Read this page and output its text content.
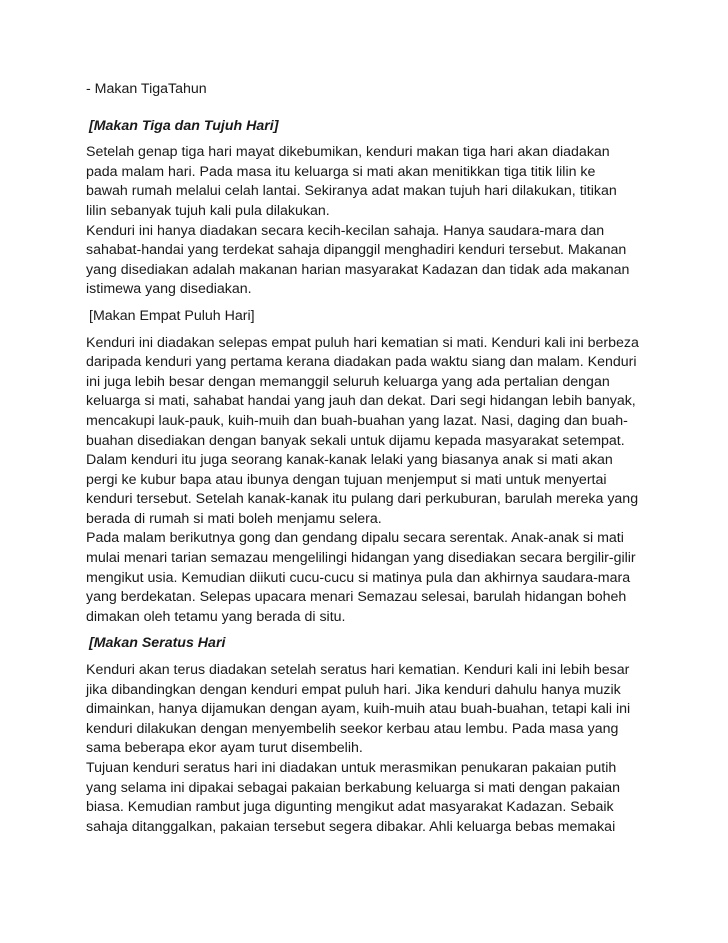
- Makan TigaTahun
[Makan Tiga dan Tujuh Hari]
Setelah genap tiga hari mayat dikebumikan, kenduri makan tiga hari akan diadakan
pada malam hari. Pada masa itu keluarga si mati akan menitikkan tiga titik lilin ke
bawah rumah melalui celah lantai. Sekiranya adat makan tujuh hari dilakukan, titikan
lilin sebanyak tujuh kali pula dilakukan.
Kenduri ini hanya diadakan secara kecih-kecilan sahaja. Hanya saudara-mara dan
sahabat-handai yang terdekat sahaja dipanggil menghadiri kenduri tersebut. Makanan
yang disediakan adalah makanan harian masyarakat Kadazan dan tidak ada makanan
istimewa yang disediakan.
[Makan Empat Puluh Hari]
Kenduri ini diadakan selepas empat puluh hari kematian si mati. Kenduri kali ini berbeza
daripada kenduri yang pertama kerana diadakan pada waktu siang dan malam. Kenduri
ini juga lebih besar dengan memanggil seluruh keluarga yang ada pertalian dengan
keluarga si mati, sahabat handai yang jauh dan dekat. Dari segi hidangan lebih banyak,
mencakupi lauk-pauk, kuih-muih dan buah-buahan yang lazat. Nasi, daging dan buah-
buahan disediakan dengan banyak sekali untuk dijamu kepada masyarakat setempat.
Dalam kenduri itu juga seorang kanak-kanak lelaki yang biasanya anak si mati akan
pergi ke kubur bapa atau ibunya dengan tujuan menjemput si mati untuk menyertai
kenduri tersebut. Setelah kanak-kanak itu pulang dari perkuburan, barulah mereka yang
berada di rumah si mati boleh menjamu selera.
Pada malam berikutnya gong dan gendang dipalu secara serentak. Anak-anak si mati
mulai menari tarian semazau mengelilingi hidangan yang disediakan secara bergilir-gilir
mengikut usia. Kemudian diikuti cucu-cucu si matinya pula dan akhirnya saudara-mara
yang berdekatan. Selepas upacara menari Semazau selesai, barulah hidangan boheh
dimakan oleh tetamu yang berada di situ.
[Makan Seratus Hari
Kenduri akan terus diadakan setelah seratus hari kematian. Kenduri kali ini lebih besar
jika dibandingkan dengan kenduri empat puluh hari. Jika kenduri dahulu hanya muzik
dimainkan, hanya dijamukan dengan ayam, kuih-muih atau buah-buahan, tetapi kali ini
kenduri dilakukan dengan menyembelih seekor kerbau atau lembu. Pada masa yang
sama beberapa ekor ayam turut disembelih.
Tujuan kenduri seratus hari ini diadakan untuk merasmikan penukaran pakaian putih
yang selama ini dipakai sebagai pakaian berkabung keluarga si mati dengan pakaian
biasa. Kemudian rambut juga digunting mengikut adat masyarakat Kadazan. Sebaik
sahaja ditanggalkan, pakaian tersebut segera dibakar. Ahli keluarga bebas memakai
